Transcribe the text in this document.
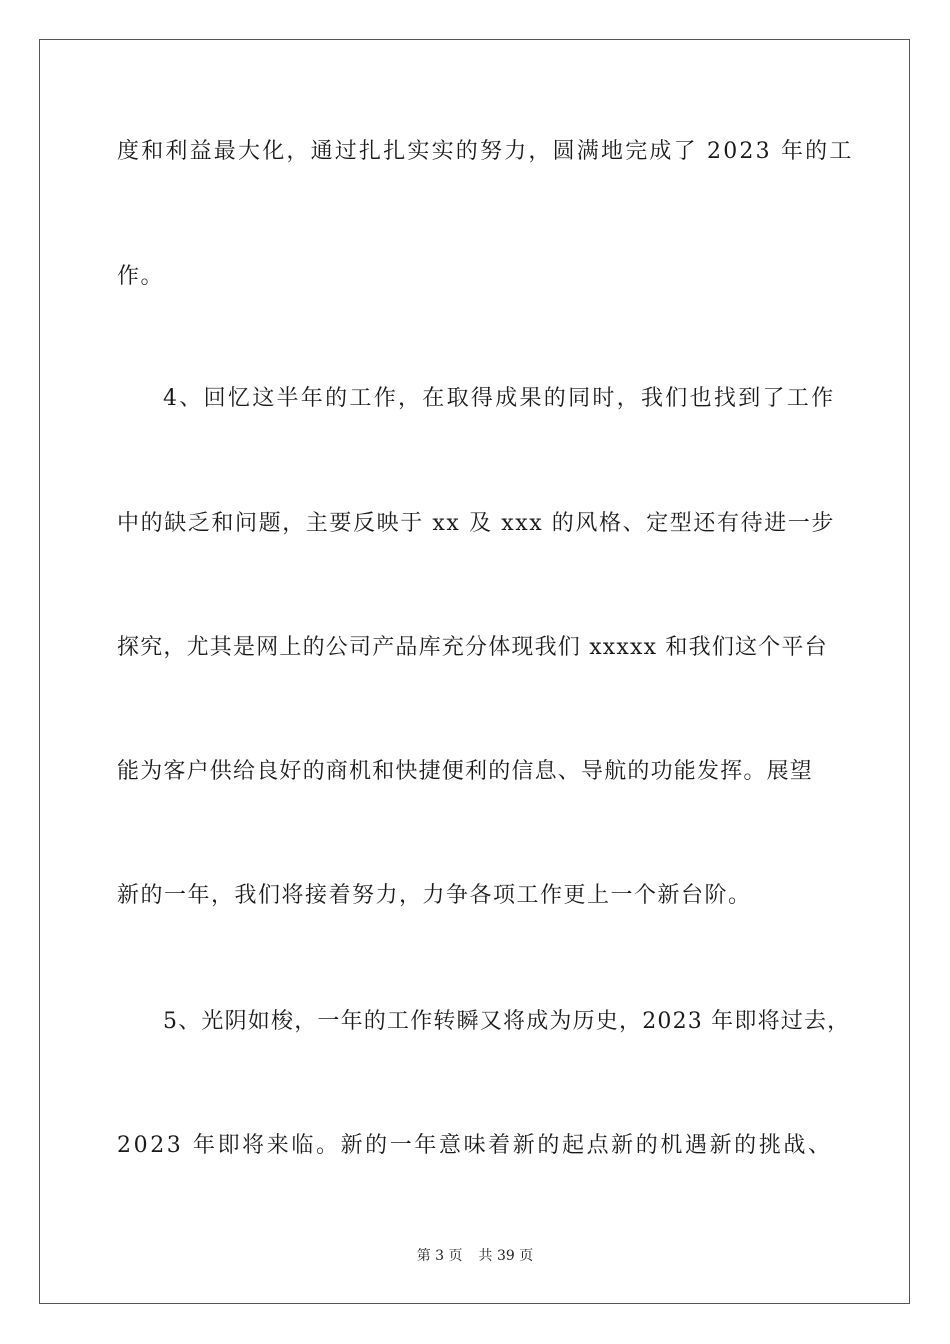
度和利益最大化，通过扎扎实实的努力，圆满地完成了 2023 年的工
作。
4、回忆这半年的工作，在取得成果的同时，我们也找到了工作
中的缺乏和问题，主要反映于 xx 及 xxx 的风格、定型还有待进一步
探究，尤其是网上的公司产品库充分体现我们 xxxxx 和我们这个平台
能为客户供给良好的商机和快捷便利的信息、导航的功能发挥。展望
新的一年，我们将接着努力，力争各项工作更上一个新台阶。
5、光阴如梭，一年的工作转瞬又将成为历史，2023 年即将过去，
2023 年即将来临。新的一年意味着新的起点新的机遇新的挑战、
第 3 页 共 39 页
